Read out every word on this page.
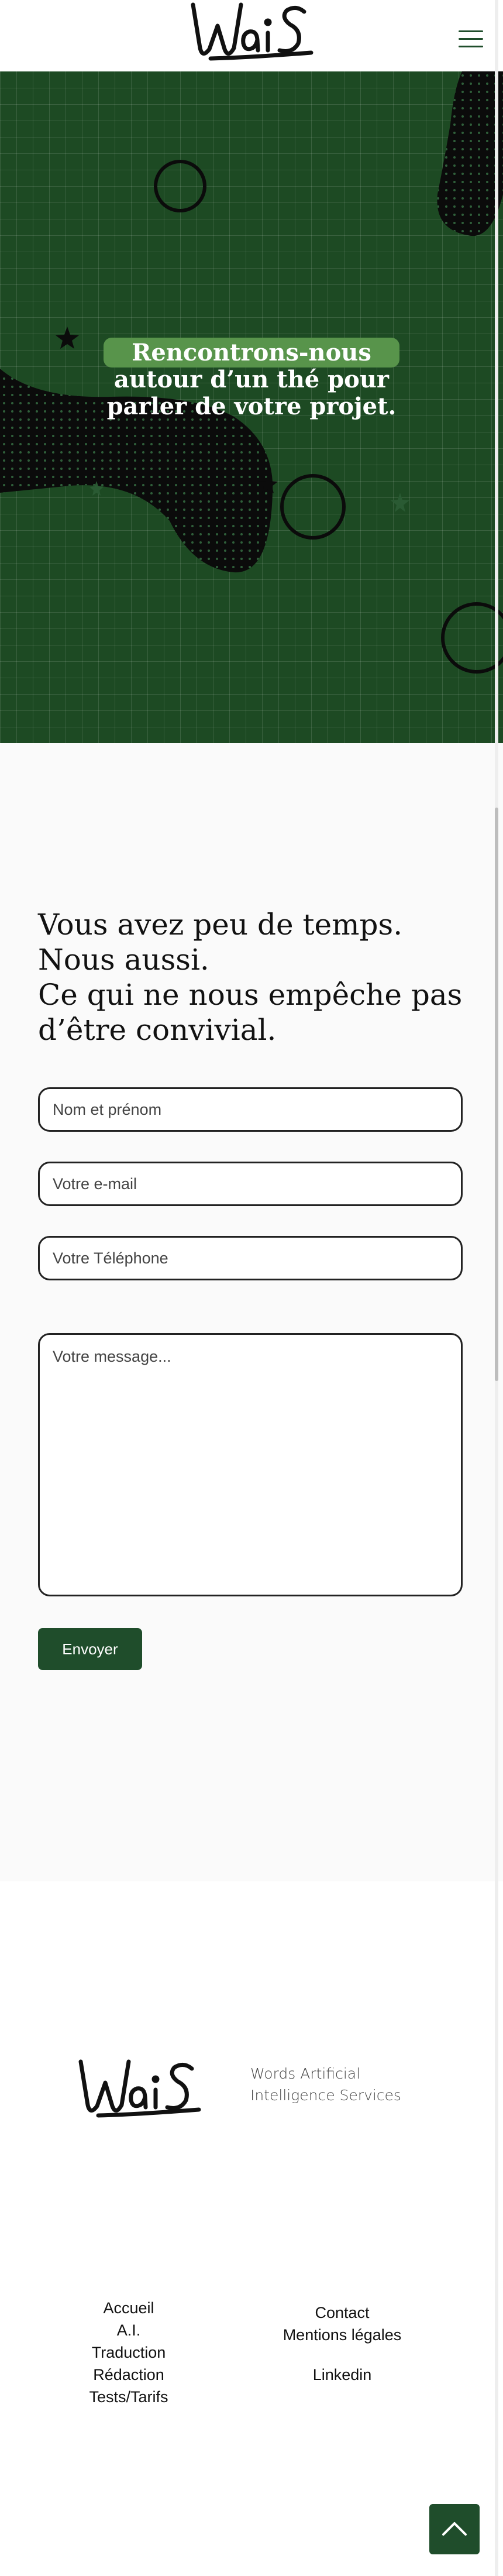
Rencontrons-nous
autour d’un thé pour
parler de votre projet.
Vous avez peu de temps. Nous aussi.
Ce qui ne nous empêche pas d’être convivial.
Nom et prénom
Votre e-mail
Votre Téléphone
Votre message...
Envoyer
Words Artificial Intelligence Services
Accueil
A.I.
Traduction
Rédaction
Tests/Tarifs
Contact
Mentions légales
Linkedin
